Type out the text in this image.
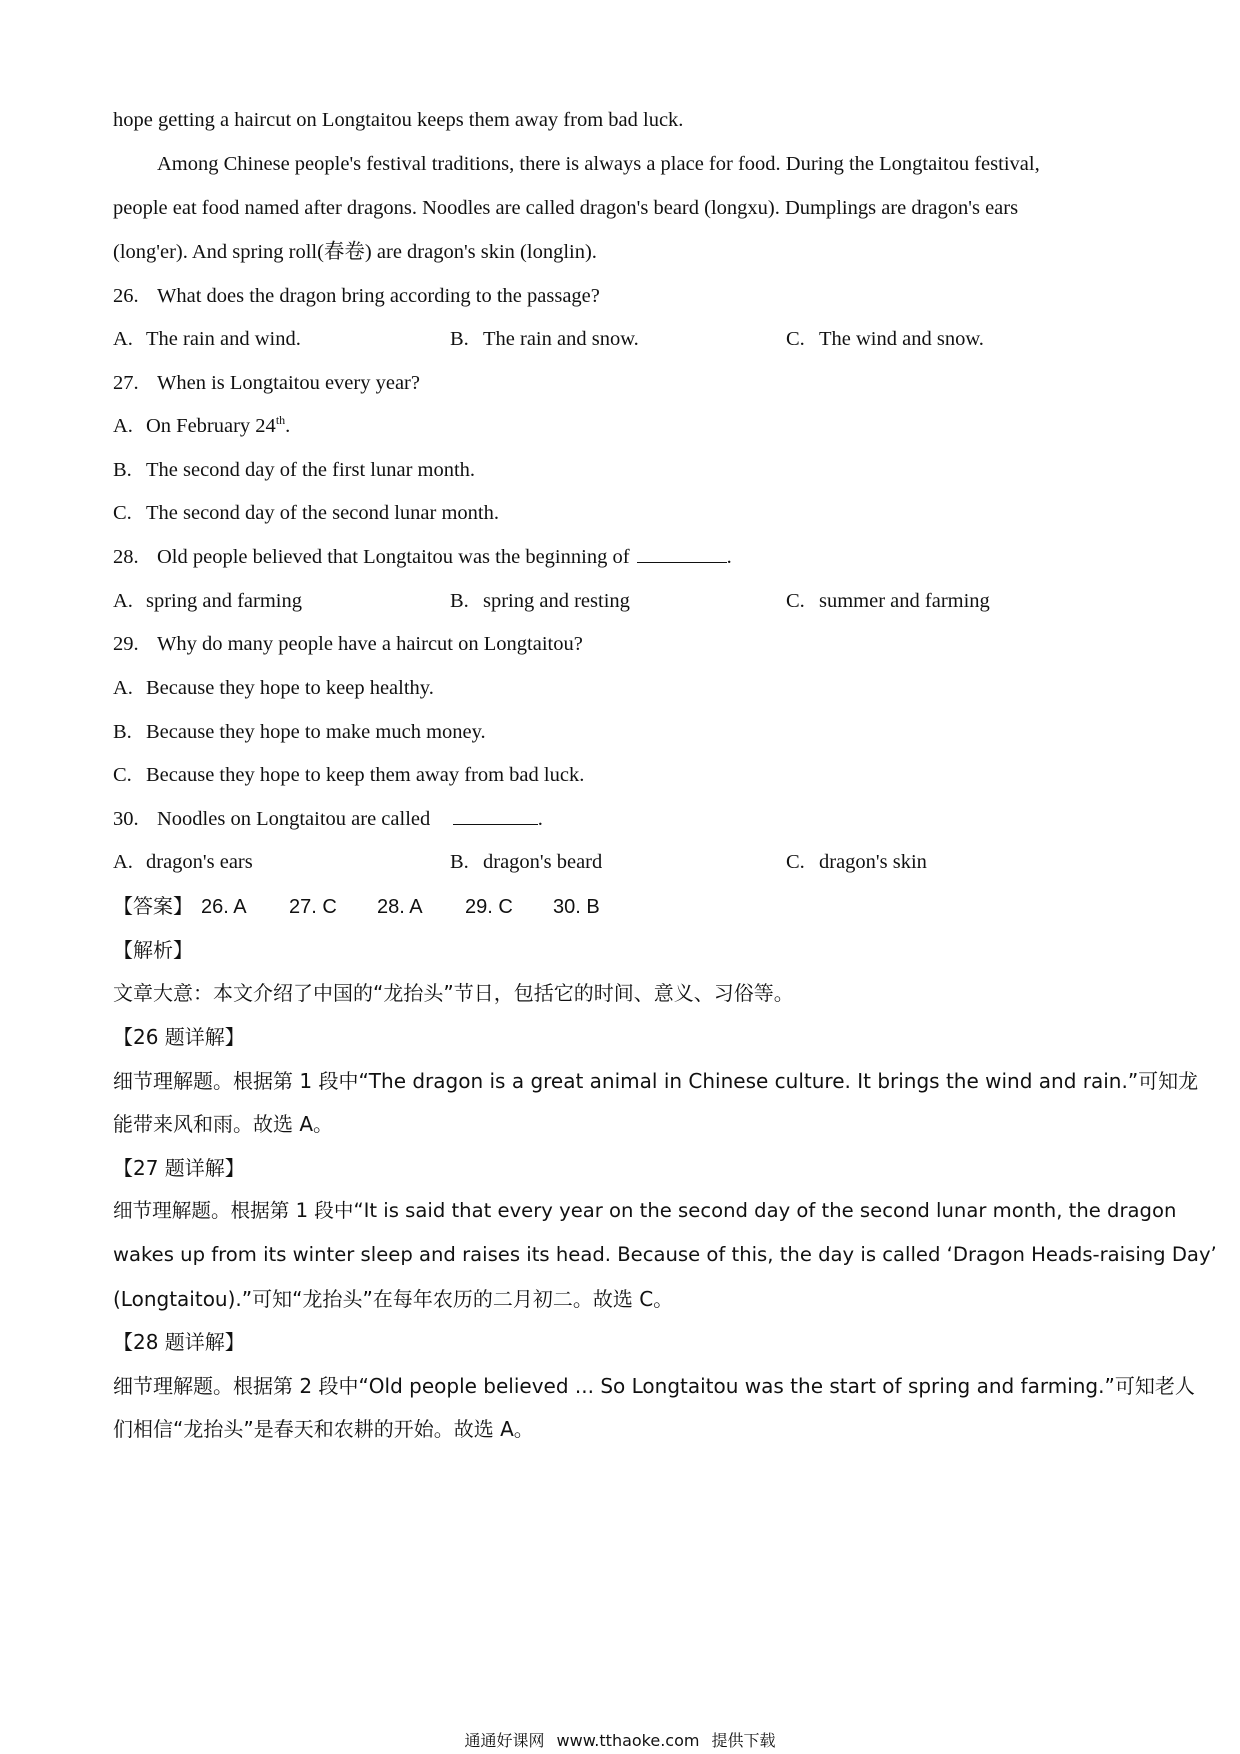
hope getting a haircut on Longtaitou keeps them away from bad luck.
Among Chinese people's festival traditions, there is always a place for food. During the Longtaitou festival,
people eat food named after dragons. Noodles are called dragon's beard (longxu). Dumplings are dragon's ears
(long'er). And spring roll(春卷) are dragon's skin (longlin).
26. What does the dragon bring according to the passage?
A. The rain and wind.	B. The rain and snow.	C. The wind and snow.
27. When is Longtaitou every year?
A. On February 24th.
B. The second day of the first lunar month.
C. The second day of the second lunar month.
28. Old people believed that Longtaitou was the beginning of	.
A. spring and farming	B. spring and resting	C. summer and farming
29. Why do many people have a haircut on Longtaitou?
A. Because they hope to keep healthy.
B. Because they hope to make much money.
C. Because they hope to keep them away from bad luck.
30. Noodles on Longtaitou are called	.
A. dragon's ears	B. dragon's beard	C. dragon's skin
【答案】 26. A 27. C 28. A 29. C 30. B
【解析】
文章大意：本文介绍了中国的“龙抬头”节日，包括它的时间、意义、习俗等。
【26 题详解】
细节理解题。根据第 1 段中“The dragon is a great animal in Chinese culture. It brings the wind and rain.”可知龙
能带来风和雨。故选 A。
【27 题详解】
细节理解题。根据第 1 段中“It is said that every year on the second day of the second lunar month, the dragon
wakes up from its winter sleep and raises its head. Because of this, the day is called ‘Dragon Heads-raising Day’
(Longtaitou).”可知“龙抬头”在每年农历的二月初二。故选 C。
【28 题详解】
细节理解题。根据第 2 段中“Old people believed ... So Longtaitou was the start of spring and farming.”可知老人
们相信“龙抬头”是春天和农耕的开始。故选 A。
通通好课网 www.tthaoke.com 提供下载
